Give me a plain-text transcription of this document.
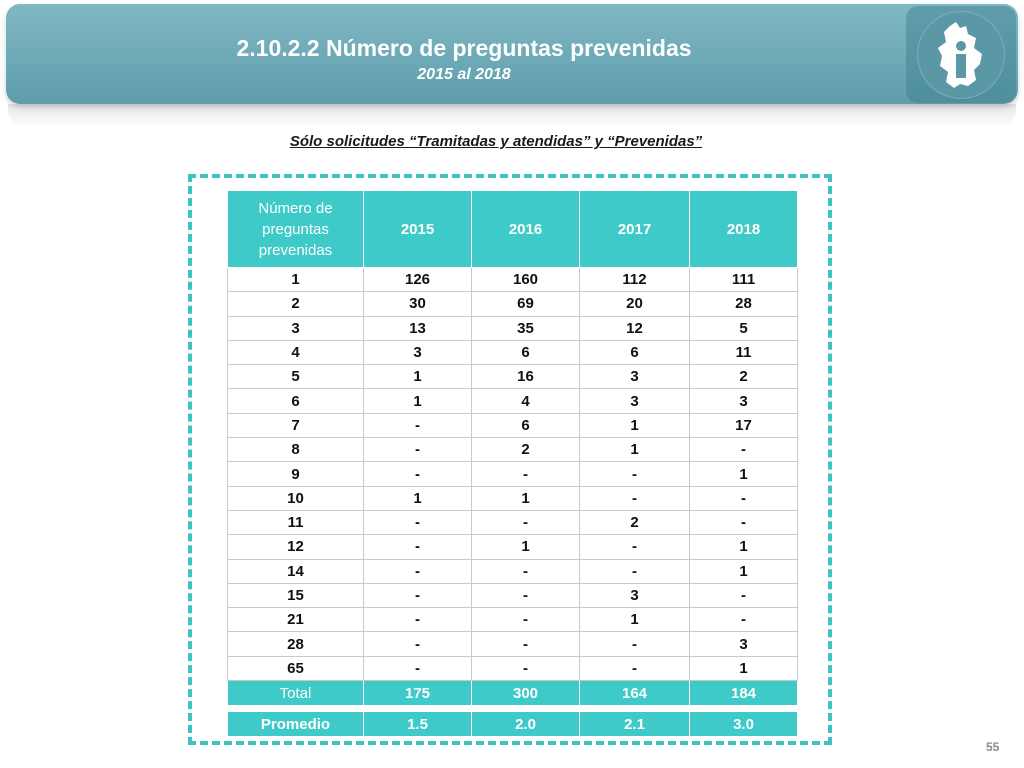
2.10.2.2 Número de preguntas prevenidas
2015 al 2018
Sólo solicitudes “Tramitadas y atendidas” y “Prevenidas”
Número de preguntas prevenidas	2015	2016	2017	2018
1	126	160	112	111
2	30	69	20	28
3	13	35	12	5
4	3	6	6	11
5	1	16	3	2
6	1	4	3	3
7	-	6	1	17
8	-	2	1	-
9	-	-	-	1
10	1	1	-	-
11	-	-	2	-
12	-	1	-	1
14	-	-	-	1
15	-	-	3	-
21	-	-	1	-
28	-	-	-	3
65	-	-	-	1
Total	175	300	164	184

Promedio	1.5	2.0	2.1	3.0
55
